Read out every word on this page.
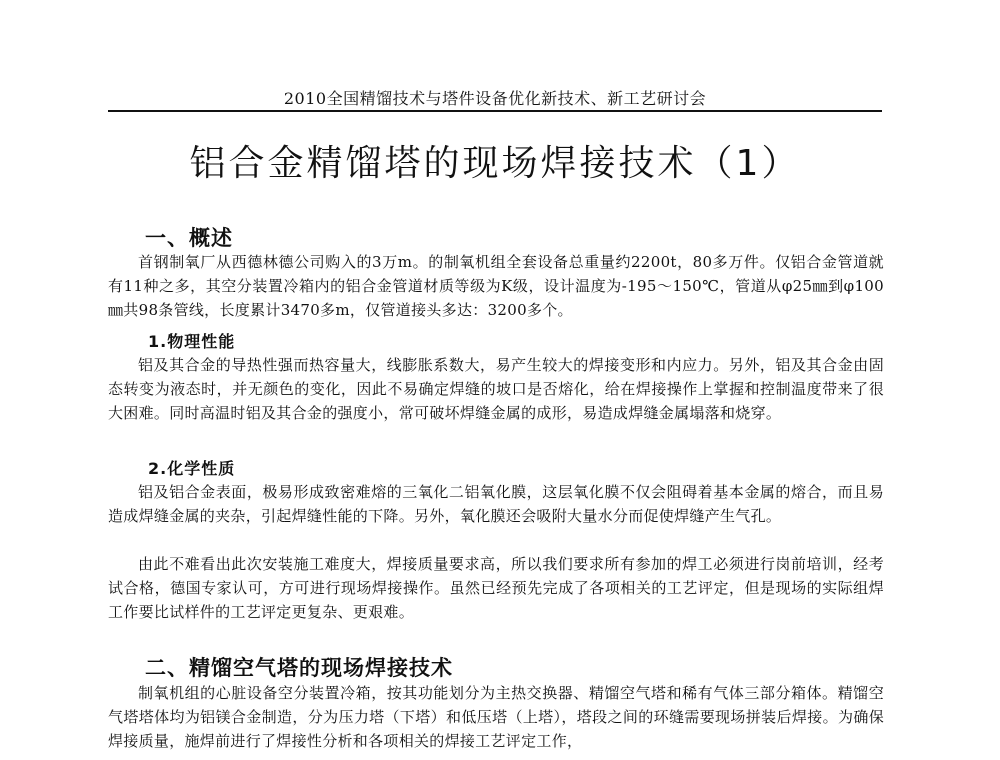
2010全国精馏技术与塔件设备优化新技术、新工艺研讨会
铝合金精馏塔的现场焊接技术（1）
一、概述

首钢制氧厂从西德林德公司购入的3万m。的制氧机组全套设备总重量约2200t，80多万件。仅铝合金管道就有11种之多，其空分装置冷箱内的铝合金管道材质等级为K级，设计温度为-195～150℃，管道从φ25㎜到φ100㎜共98条管线，长度累计3470多m，仅管道接头多达：3200多个。

1.物理性能

铝及其合金的导热性强而热容量大，线膨胀系数大，易产生较大的焊接变形和内应力。另外，铝及其合金由固态转变为液态时，并无颜色的变化，因此不易确定焊缝的坡口是否熔化，给在焊接操作上掌握和控制温度带来了很大困难。同时高温时铝及其合金的强度小，常可破坏焊缝金属的成形，易造成焊缝金属塌落和烧穿。

2.化学性质

铝及铝合金表面，极易形成致密难熔的三氧化二铝氧化膜，这层氧化膜不仅会阻碍着基本金属的熔合，而且易造成焊缝金属的夹杂，引起焊缝性能的下降。另外，氧化膜还会吸附大量水分而促使焊缝产生气孔。

由此不难看出此次安装施工难度大，焊接质量要求高，所以我们要求所有参加的焊工必须进行岗前培训，经考试合格，德国专家认可，方可进行现场焊接操作。虽然已经预先完成了各项相关的工艺评定，但是现场的实际组焊工作要比试样件的工艺评定更复杂、更艰难。

二、精馏空气塔的现场焊接技术

制氧机组的心脏设备空分装置冷箱，按其功能划分为主热交换器、精馏空气塔和稀有气体三部分箱体。精馏空气塔塔体均为铝镁合金制造，分为压力塔（下塔）和低压塔（上塔），塔段之间的环缝需要现场拼装后焊接。为确保焊接质量，施焊前进行了焊接性分析和各项相关的焊接工艺评定工作，
